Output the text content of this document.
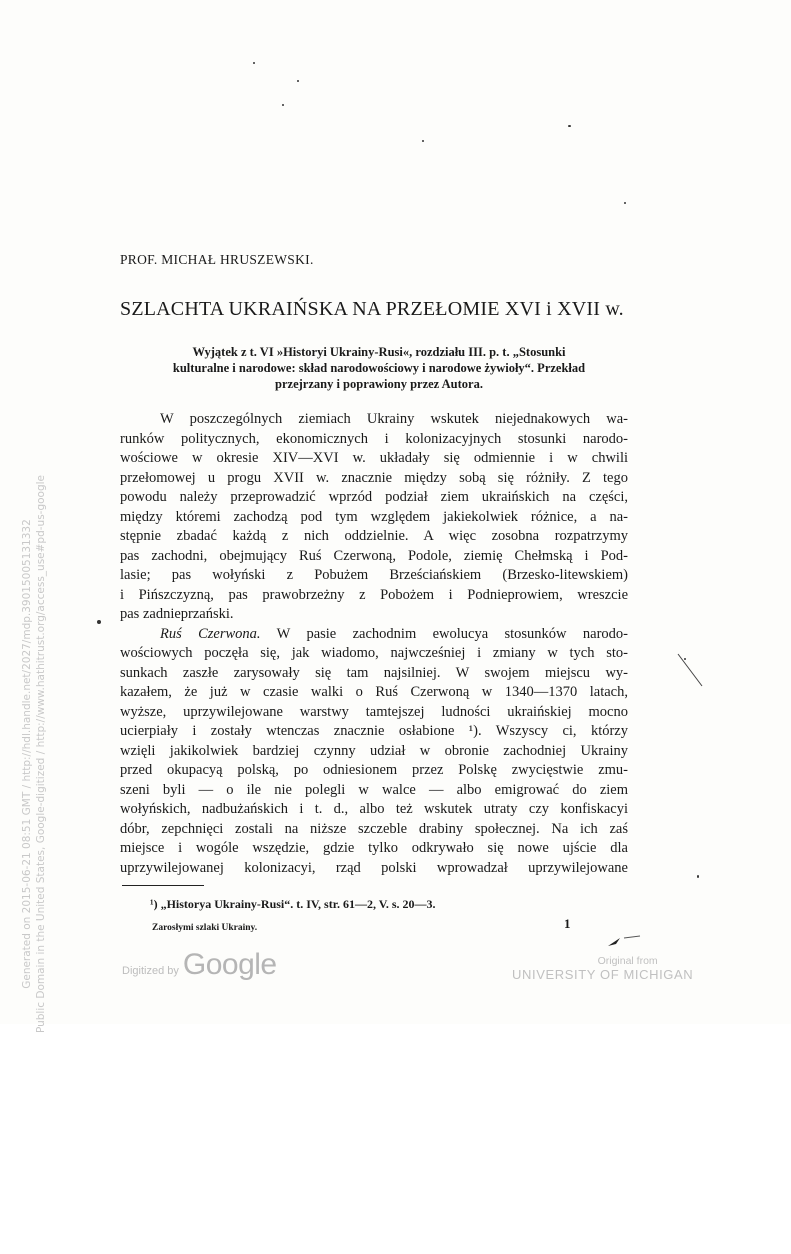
PROF. MICHAŁ HRUSZEWSKI.
SZLACHTA UKRAIŃSKA NA PRZEŁOMIE XVI i XVII w.
Wyjątek z t. VI »Historyi Ukrainy-Rusi«, rozdziału III. p. t. „Stosunki
kulturalne i narodowe: skład narodowościowy i narodowe żywioły“. Przekład
przejrzany i poprawiony przez Autora.
W poszczególnych ziemiach Ukrainy wskutek niejednakowych wa-
runków politycznych, ekonomicznych i kolonizacyjnych stosunki narodo-
wościowe w okresie XIV—XVI w. układały się odmiennie i w chwili
przełomowej u progu XVII w. znacznie między sobą się różniły. Z tego
powodu należy przeprowadzić wprzód podział ziem ukraińskich na części,
między któremi zachodzą pod tym względem jakiekolwiek różnice, a na-
stępnie zbadać każdą z nich oddzielnie. A więc zosobna rozpatrzymy
pas zachodni, obejmujący Ruś Czerwoną, Podole, ziemię Chełmską i Pod-
lasie; pas wołyński z Pobużem Brześciańskiem (Brzesko-litewskiem)
i Pińszczyzną, pas prawobrzeżny z Pobożem i Podnieprowiem, wreszcie
pas zadnieprzański.
Ruś Czerwona. W pasie zachodnim ewolucya stosunków narodo-
wościowych poczęła się, jak wiadomo, najwcześniej i zmiany w tych sto-
sunkach zaszłe zarysowały się tam najsilniej. W swojem miejscu wy-
kazałem, że już w czasie walki o Ruś Czerwoną w 1340—1370 latach,
wyższe, uprzywilejowane warstwy tamtejszej ludności ukraińskiej mocno
ucierpiały i zostały wtenczas znacznie osłabione ¹). Wszyscy ci, którzy
wzięli jakikolwiek bardziej czynny udział w obronie zachodniej Ukrainy
przed okupacyą polską, po odniesionem przez Polskę zwycięstwie zmu-
szeni byli — o ile nie polegli w walce — albo emigrować do ziem
wołyńskich, nadbużańskich i t. d., albo też wskutek utraty czy konfiskacyi
dóbr, zepchnięci zostali na niższe szczeble drabiny społecznej. Na ich zaś
miejsce i wogóle wszędzie, gdzie tylko odkrywało się nowe ujście dla
uprzywilejowanej kolonizacyi, rząd polski wprowadzał uprzywilejowane
¹) „Historya Ukrainy-Rusi“. t. IV, str. 61—2, V. s. 20—3.
1
Zarosłymi szlaki Ukrainy.
Generated on 2015-06-21 08:51 GMT / http://hdl.handle.net/2027/mdp.39015005131332 Public Domain in the United States, Google-digitized / http://www.hathitrust.org/access_use#pd-us-google	Digitized by Google	Original from
UNIVERSITY OF MICHIGAN
